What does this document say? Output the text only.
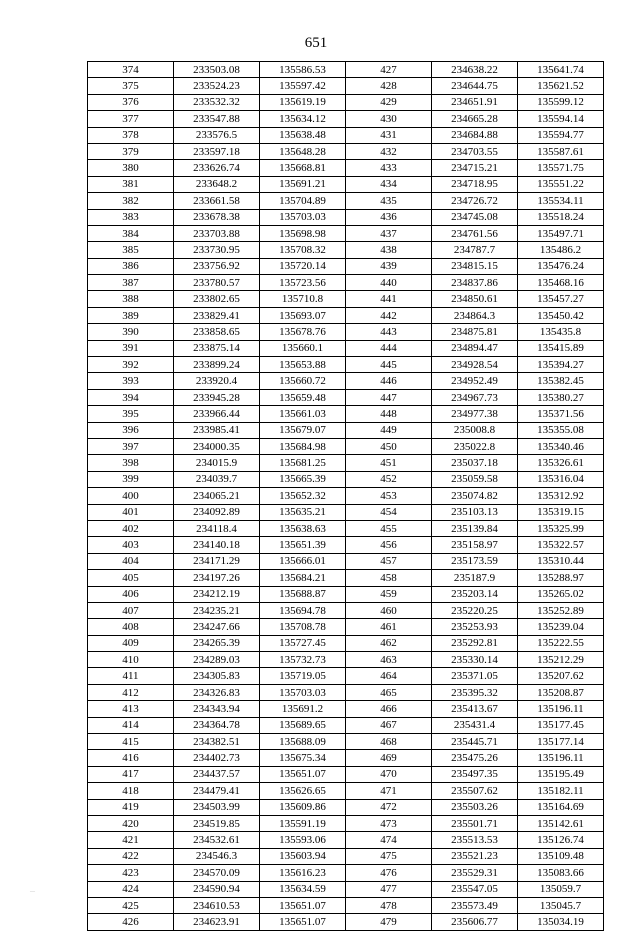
651
374	233503.08	135586.53	427	234638.22	135641.74
375	233524.23	135597.42	428	234644.75	135621.52
376	233532.32	135619.19	429	234651.91	135599.12
377	233547.88	135634.12	430	234665.28	135594.14
378	233576.5	135638.48	431	234684.88	135594.77
379	233597.18	135648.28	432	234703.55	135587.61
380	233626.74	135668.81	433	234715.21	135571.75
381	233648.2	135691.21	434	234718.95	135551.22
382	233661.58	135704.89	435	234726.72	135534.11
383	233678.38	135703.03	436	234745.08	135518.24
384	233703.88	135698.98	437	234761.56	135497.71
385	233730.95	135708.32	438	234787.7	135486.2
386	233756.92	135720.14	439	234815.15	135476.24
387	233780.57	135723.56	440	234837.86	135468.16
388	233802.65	135710.8	441	234850.61	135457.27
389	233829.41	135693.07	442	234864.3	135450.42
390	233858.65	135678.76	443	234875.81	135435.8
391	233875.14	135660.1	444	234894.47	135415.89
392	233899.24	135653.88	445	234928.54	135394.27
393	233920.4	135660.72	446	234952.49	135382.45
394	233945.28	135659.48	447	234967.73	135380.27
395	233966.44	135661.03	448	234977.38	135371.56
396	233985.41	135679.07	449	235008.8	135355.08
397	234000.35	135684.98	450	235022.8	135340.46
398	234015.9	135681.25	451	235037.18	135326.61
399	234039.7	135665.39	452	235059.58	135316.04
400	234065.21	135652.32	453	235074.82	135312.92
401	234092.89	135635.21	454	235103.13	135319.15
402	234118.4	135638.63	455	235139.84	135325.99
403	234140.18	135651.39	456	235158.97	135322.57
404	234171.29	135666.01	457	235173.59	135310.44
405	234197.26	135684.21	458	235187.9	135288.97
406	234212.19	135688.87	459	235203.14	135265.02
407	234235.21	135694.78	460	235220.25	135252.89
408	234247.66	135708.78	461	235253.93	135239.04
409	234265.39	135727.45	462	235292.81	135222.55
410	234289.03	135732.73	463	235330.14	135212.29
411	234305.83	135719.05	464	235371.05	135207.62
412	234326.83	135703.03	465	235395.32	135208.87
413	234343.94	135691.2	466	235413.67	135196.11
414	234364.78	135689.65	467	235431.4	135177.45
415	234382.51	135688.09	468	235445.71	135177.14
416	234402.73	135675.34	469	235475.26	135196.11
417	234437.57	135651.07	470	235497.35	135195.49
418	234479.41	135626.65	471	235507.62	135182.11
419	234503.99	135609.86	472	235503.26	135164.69
420	234519.85	135591.19	473	235501.71	135142.61
421	234532.61	135593.06	474	235513.53	135126.74
422	234546.3	135603.94	475	235521.23	135109.48
423	234570.09	135616.23	476	235529.31	135083.66
424	234590.94	135634.59	477	235547.05	135059.7
425	234610.53	135651.07	478	235573.49	135045.7
426	234623.91	135651.07	479	235606.77	135034.19
—
